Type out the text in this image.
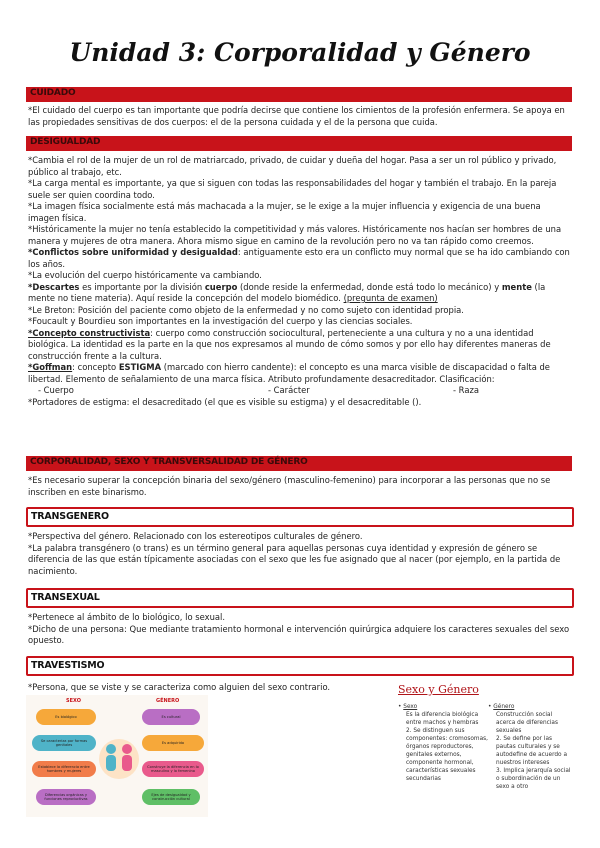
Unidad 3: Corporalidad y Género
CUIDADO

*El cuidado del cuerpo es tan importante que podría decirse que contiene los cimientos de la profesión enfermera. Se apoya en las propiedades sensitivas de dos cuerpos: el de la persona cuidada y el de la persona que cuida.

DESIGUALDAD

*Cambia el rol de la mujer de un rol de matriarcado, privado, de cuidar y dueña del hogar. Pasa a ser un rol público y privado, público al trabajo, etc.

*La carga mental es importante, ya que si siguen con todas las responsabilidades del hogar y también el trabajo. En la pareja suele ser quien coordina todo.

*La imagen física socialmente está más machacada a la mujer, se le exige a la mujer influencia y exigencia de una buena imagen física.

*Históricamente la mujer no tenía establecido la competitividad y más valores. Históricamente nos hacían ser hombres de una manera y mujeres de otra manera. Ahora mismo sigue en camino de la revolución pero no va tan rápido como creemos.

*Conflictos sobre uniformidad y desigualdad: antiguamente esto era un conflicto muy normal que se ha ido cambiando con los años.

*La evolución del cuerpo históricamente va cambiando.

*Descartes es importante por la división cuerpo (donde reside la enfermedad, donde está todo lo mecánico) y mente (la mente no tiene materia). Aquí reside la concepción del modelo biomédico. (pregunta de examen)

*Le Breton: Posición del paciente como objeto de la enfermedad y no como sujeto con identidad propia.

*Foucault y Bourdieu son importantes en la investigación del cuerpo y las ciencias sociales.

*Concepto constructivista: cuerpo como construcción sociocultural, perteneciente a una cultura y no a una identidad biológica. La identidad es la parte en la que nos expresamos al mundo de cómo somos y por ello hay diferentes maneras de construcción frente a la cultura.

*Goffman: concepto ESTIGMA (marcado con hierro candente): el concepto es una marca visible de discapacidad o falta de libertad. Elemento de señalamiento de una marca física. Atributo profundamente desacreditador. Clasificación:

- Cuerpo	- Carácter	- Raza

*Portadores de estigma: el desacreditado (el que es visible su estigma) y el desacreditable ().

CORPORALIDAD, SEXO Y TRANSVERSALIDAD DE GÉNERO

*Es necesario superar la concepción binaria del sexo/género (masculino-femenino) para incorporar a las personas que no se inscriben en este binarismo.

TRANSGENERO

*Perspectiva del género. Relacionado con los estereotipos culturales de género.

*La palabra transgénero (o trans) es un término general para aquellas personas cuya identidad y expresión de género se diferencia de las que están típicamente asociadas con el sexo que les fue asignado que al nacer (por ejemplo, en la partida de nacimiento.

TRANSEXUAL

*Pertenece al ámbito de lo biológico, lo sexual.

*Dicho de una persona: Que mediante tratamiento hormonal e intervención quirúrgica adquiere los caracteres sexuales del sexo opuesto.

TRAVESTISMO

*Persona, que se viste y se caracteriza como alguien del sexo contrario.

SEXO	GÉNERO
Es biológico
Se caracteriza por formas genitales
Establece la diferencia entre hombres y mujeres
Diferencias orgánicas y funciones reproductivas
Es cultural
Es adquirido
Construye la diferencia en lo masculino y lo femenino
Ejes de desigualdad y construcción cultural
Sexo y Género
• Sexo
Es la diferencia biológica entre machos y hembras
2. Se distinguen sus componentes: cromosomas, órganos reproductores, genitales externos, componente hormonal, características sexuales secundarias
• Género
Construcción social acerca de diferencias sexuales
2. Se define por las pautas culturales y se autodefine de acuerdo a nuestros intereses
3. Implica jerarquía social o subordinación de un sexo a otro
